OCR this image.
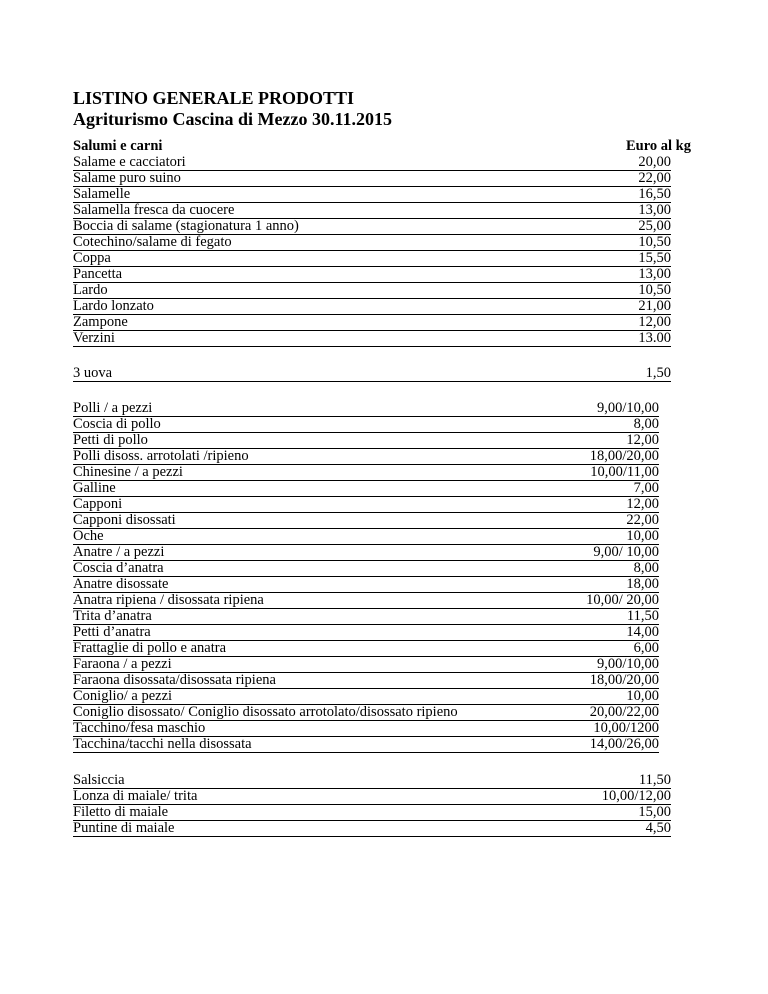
LISTINO GENERALE PRODOTTI
Agriturismo Cascina di Mezzo 30.11.2015
Salumi e carni	Euro al kg
Salame e cacciatori	20,00
Salame puro suino	22,00
Salamelle	16,50
Salamella fresca da cuocere	13,00
Boccia di salame (stagionatura 1 anno)	25,00
Cotechino/salame di fegato	10,50
Coppa	15,50
Pancetta	13,00
Lardo	10,50
Lardo lonzato	21,00
Zampone	12,00
Verzini	13.00
3 uova	1,50
Polli / a pezzi	9,00/10,00
Coscia di pollo	8,00
Petti di pollo	12,00
Polli disoss. arrotolati /ripieno	18,00/20,00
Chinesine / a pezzi	10,00/11,00
Galline	7,00
Capponi	12,00
Capponi disossati	22,00
Oche	10,00
Anatre / a pezzi	9,00/ 10,00
Coscia d’anatra	8,00
Anatre disossate	18,00
Anatra ripiena / disossata ripiena	10,00/ 20,00
Trita d’anatra	11,50
Petti d’anatra	14,00
Frattaglie di pollo e anatra	6,00
Faraona / a pezzi	9,00/10,00
Faraona disossata/disossata ripiena	18,00/20,00
Coniglio/ a pezzi	10,00
Coniglio disossato/ Coniglio disossato arrotolato/disossato ripieno	20,00/22,00
Tacchino/fesa maschio	10,00/1200
Tacchina/tacchi nella disossata	14,00/26,00
Salsiccia	11,50
Lonza di maiale/ trita	10,00/12,00
Filetto di maiale	15,00
Puntine di maiale	4,50
